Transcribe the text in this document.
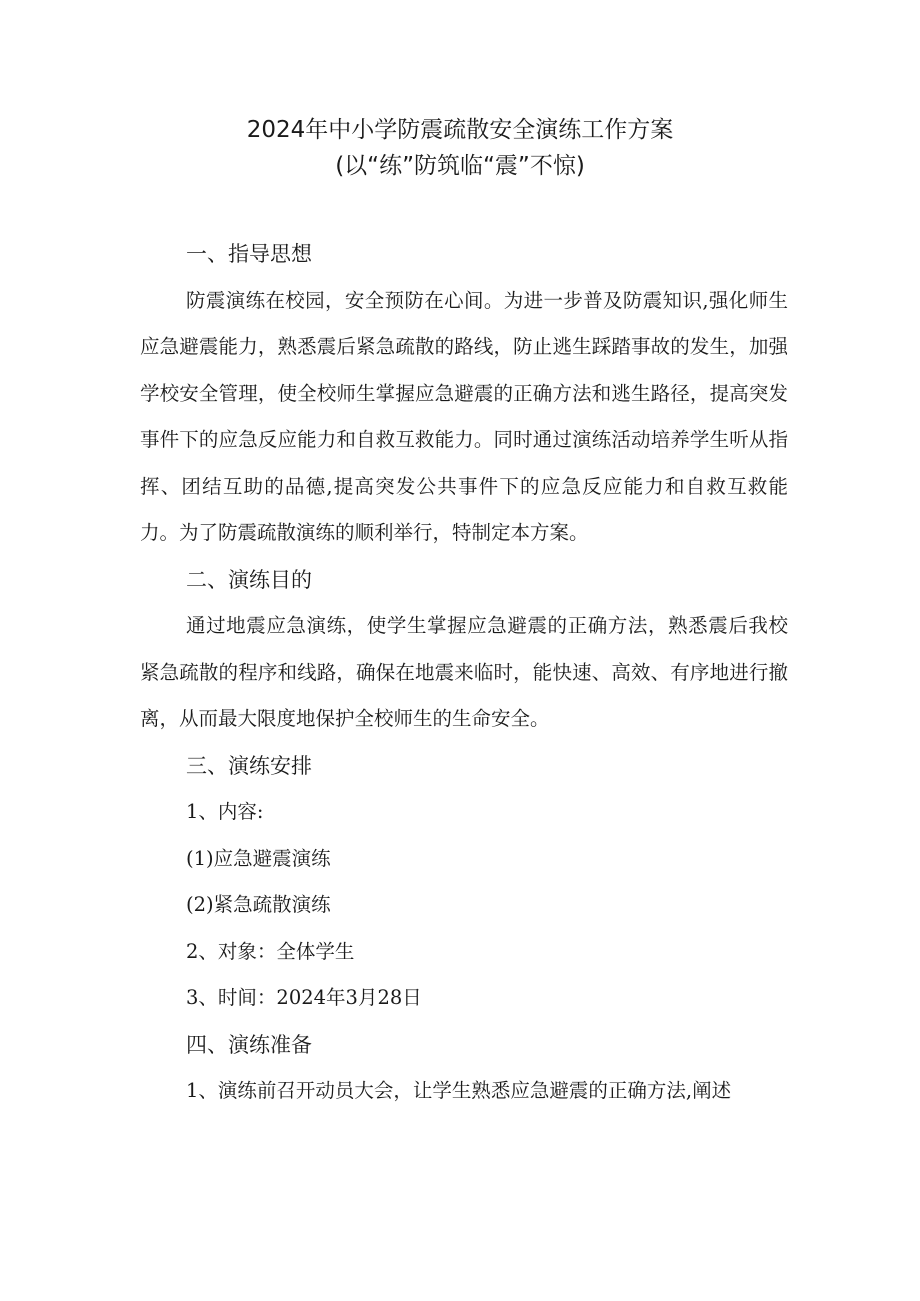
2024年中小学防震疏散安全演练工作方案
(以“练”防筑临“震”不惊)
一、指导思想
防震演练在校园，安全预防在心间。为进一步普及防震知识,强化师生应急避震能力，熟悉震后紧急疏散的路线，防止逃生踩踏事故的发生，加强学校安全管理，使全校师生掌握应急避震的正确方法和逃生路径，提高突发事件下的应急反应能力和自救互救能力。同时通过演练活动培养学生听从指挥、团结互助的品德,提高突发公共事件下的应急反应能力和自救互救能力。为了防震疏散演练的顺利举行，特制定本方案。
二、演练目的
通过地震应急演练，使学生掌握应急避震的正确方法，熟悉震后我校紧急疏散的程序和线路，确保在地震来临时，能快速、高效、有序地进行撤离，从而最大限度地保护全校师生的生命安全。
三、演练安排
1、内容:
(1)应急避震演练
(2)紧急疏散演练
2、对象：全体学生
3、时间：2024年3月28日
四、演练准备
1、演练前召开动员大会，让学生熟悉应急避震的正确方法,阐述
